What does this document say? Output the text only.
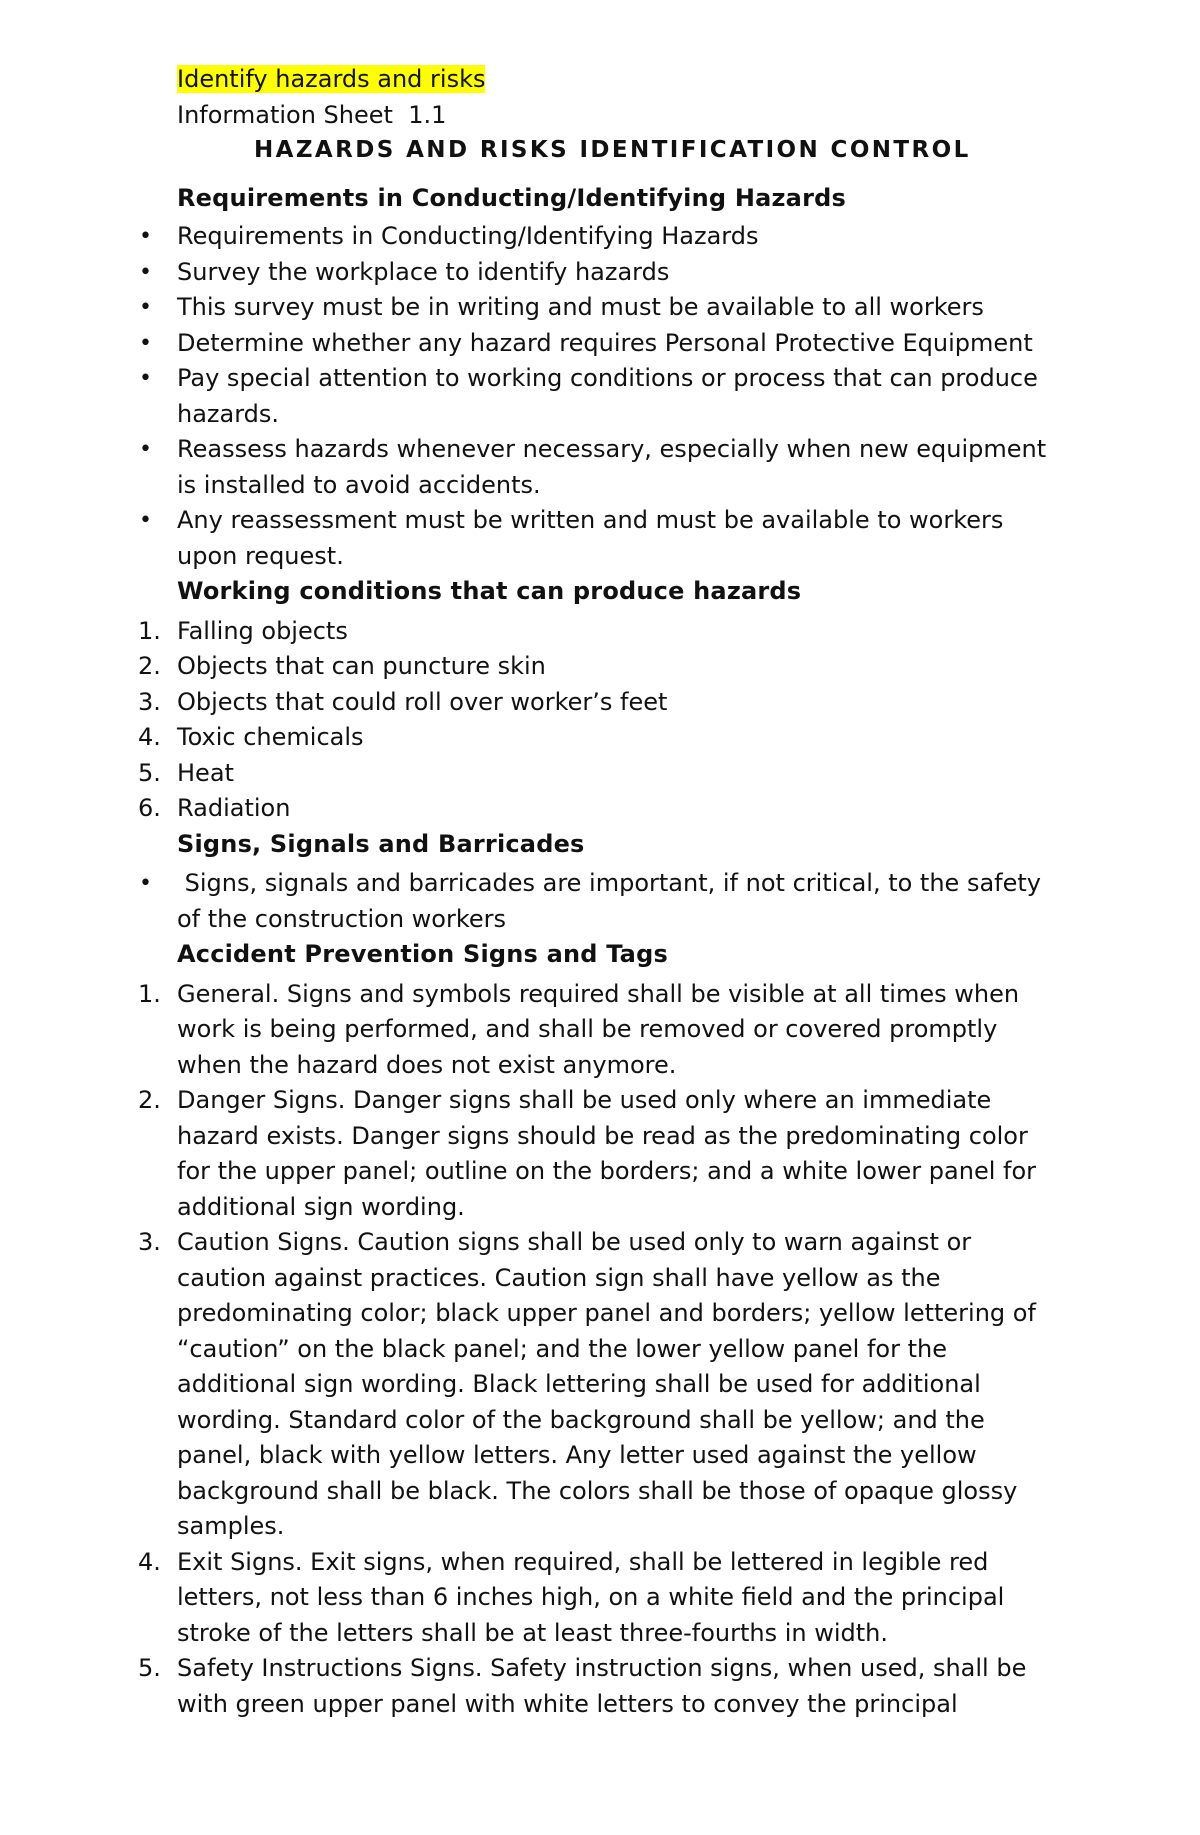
Identify hazards and risks
Information Sheet  1.1
HAZARDS AND RISKS IDENTIFICATION CONTROL
Requirements in Conducting/Identifying Hazards
• Requirements in Conducting/Identifying Hazards
• Survey the workplace to identify hazards
• This survey must be in writing and must be available to all workers
• Determine whether any hazard requires Personal Protective Equipment
• Pay special attention to working conditions or process that can produce hazards.
• Reassess hazards whenever necessary, especially when new equipment is installed to avoid accidents.
• Any reassessment must be written and must be available to workers upon request.
Working conditions that can produce hazards
1. Falling objects
2. Objects that can puncture skin
3. Objects that could roll over worker’s feet
4. Toxic chemicals
5. Heat
6. Radiation
Signs, Signals and Barricades
•  Signs, signals and barricades are important, if not critical, to the safety of the construction workers
Accident Prevention Signs and Tags
1. General. Signs and symbols required shall be visible at all times when work is being performed, and shall be removed or covered promptly when the hazard does not exist anymore.
2. Danger Signs. Danger signs shall be used only where an immediate hazard exists. Danger signs should be read as the predominating color for the upper panel; outline on the borders; and a white lower panel for additional sign wording.
3. Caution Signs. Caution signs shall be used only to warn against or caution against practices. Caution sign shall have yellow as the predominating color; black upper panel and borders; yellow lettering of “caution” on the black panel; and the lower yellow panel for the additional sign wording. Black lettering shall be used for additional wording. Standard color of the background shall be yellow; and the panel, black with yellow letters. Any letter used against the yellow background shall be black. The colors shall be those of opaque glossy samples.
4. Exit Signs. Exit signs, when required, shall be lettered in legible red letters, not less than 6 inches high, on a white field and the principal stroke of the letters shall be at least three-fourths in width.
5. Safety Instructions Signs. Safety instruction signs, when used, shall be with green upper panel with white letters to convey the principal
